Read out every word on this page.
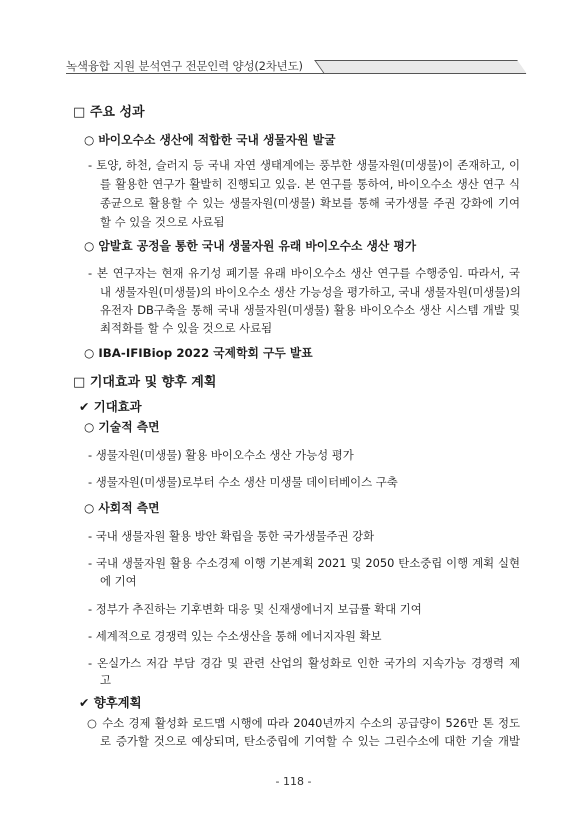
녹색융합 지원 분석연구 전문인력 양성(2차년도)
□ 주요 성과
○ 바이오수소 생산에 적합한 국내 생물자원 발굴
- 토양, 하천, 슬러지 등 국내 자연 생태계에는 풍부한 생물자원(미생물)이 존재하고, 이
를 활용한 연구가 활발히 진행되고 있음. 본 연구를 통하여, 바이오수소 생산 연구 식
종균으로 활용할 수 있는 생물자원(미생물) 확보를 통해 국가생물 주권 강화에 기여
할 수 있을 것으로 사료됨
○ 암발효 공정을 통한 국내 생물자원 유래 바이오수소 생산 평가
- 본 연구자는 현재 유기성 폐기물 유래 바이오수소 생산 연구를 수행중임. 따라서, 국
내 생물자원(미생물)의 바이오수소 생산 가능성을 평가하고, 국내 생물자원(미생물)의
유전자 DB구축을 통해 국내 생물자원(미생물) 활용 바이오수소 생산 시스템 개발 및
최적화를 할 수 있을 것으로 사료됨
○ IBA-IFIBiop 2022 국제학회 구두 발표
□ 기대효과 및 향후 계획
✔ 기대효과
○ 기술적 측면
- 생물자원(미생물) 활용 바이오수소 생산 가능성 평가
- 생물자원(미생물)로부터 수소 생산 미생물 데이터베이스 구축
○ 사회적 측면
- 국내 생물자원 활용 방안 확립을 통한 국가생물주권 강화
- 국내 생물자원 활용 수소경제 이행 기본계획 2021 및 2050 탄소중립 이행 계획 실현
에 기여
- 정부가 추진하는 기후변화 대응 및 신재생에너지 보급률 확대 기여
- 세계적으로 경쟁력 있는 수소생산을 통해 에너지자원 확보
- 온실가스 저감 부담 경감 및 관련 산업의 활성화로 인한 국가의 지속가능 경쟁력 제
고
✔ 향후계획
○ 수소 경제 활성화 로드맵 시행에 따라 2040년까지 수소의 공급량이 526만 톤 정도
로 증가할 것으로 예상되며, 탄소중립에 기여할 수 있는 그린수소에 대한 기술 개발
- 118 -
